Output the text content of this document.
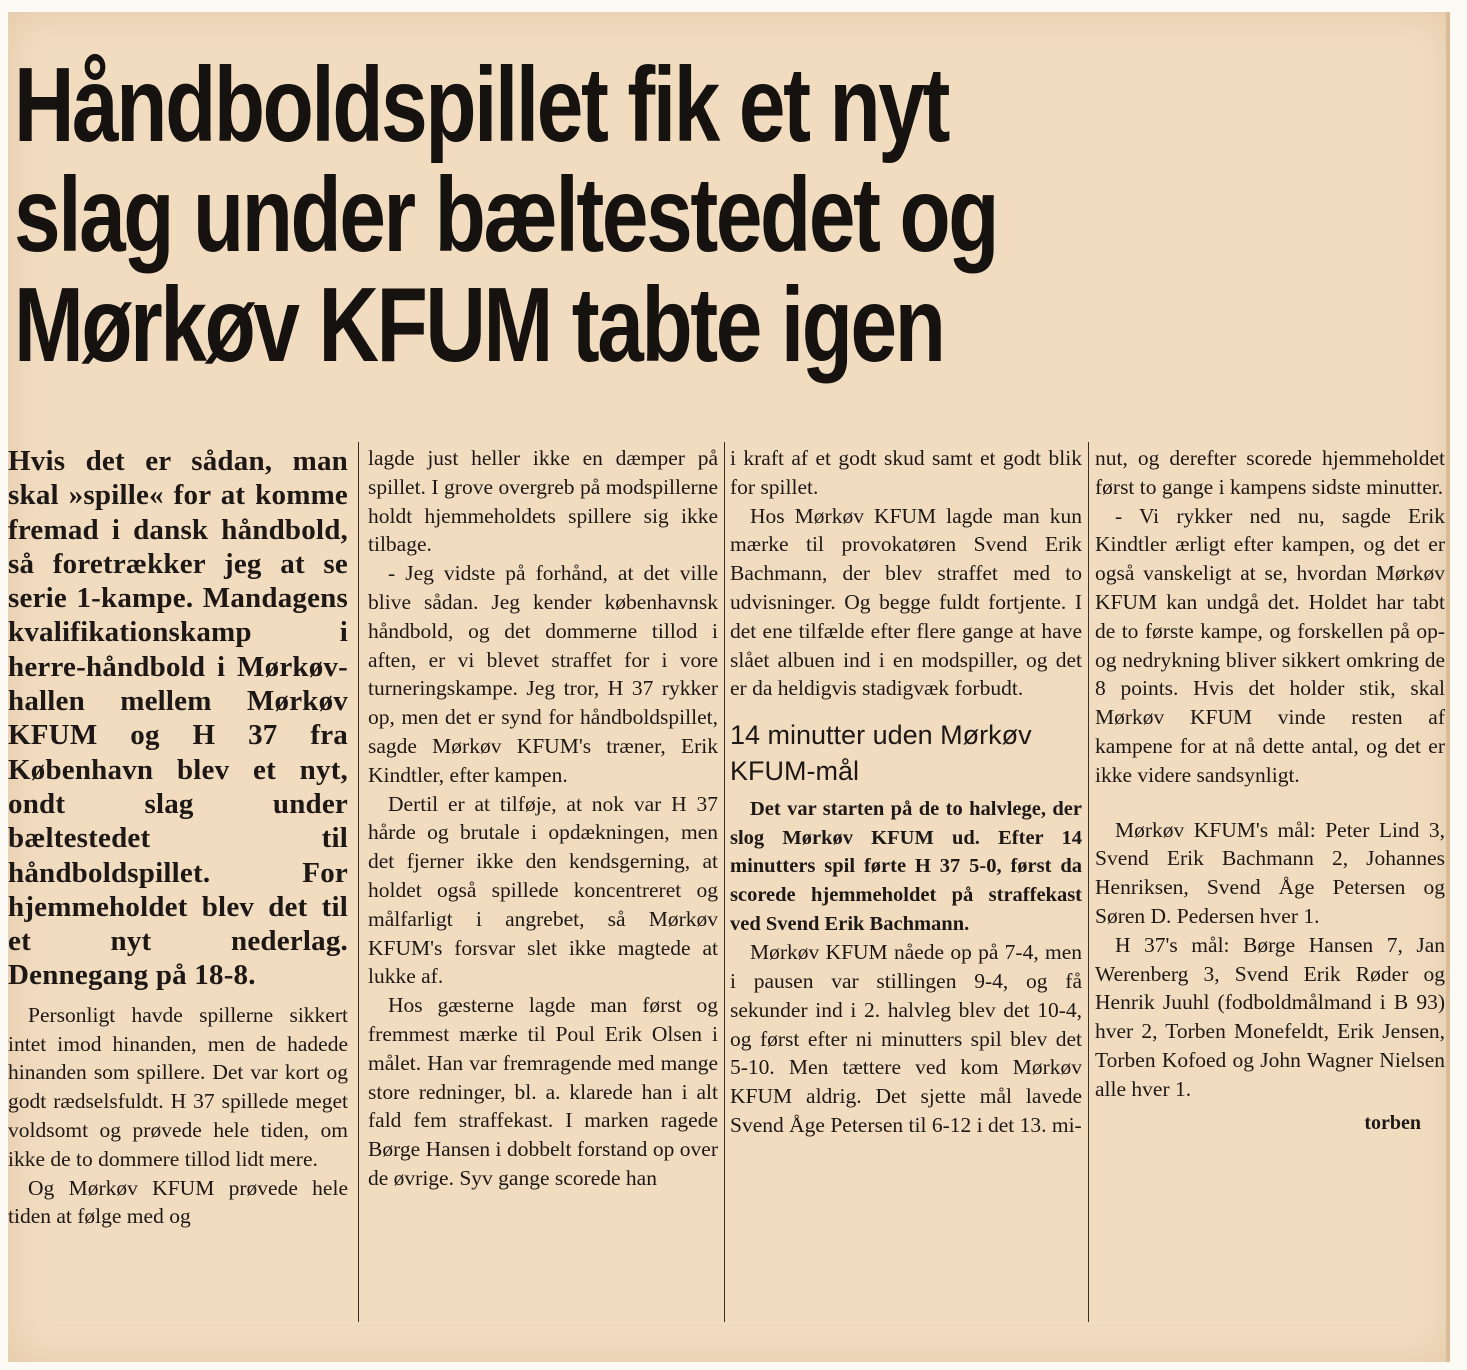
Håndboldspillet fik et nyt
slag under bæltestedet og
Mørkøv KFUM tabte igen

Hvis det er sådan, man skal »spille« for at komme fremad i dansk håndbold, så foretrækker jeg at se serie 1-kampe. Mandagens kvalifikationskamp i herre-håndbold i Mørkøv-hallen mellem Mørkøv KFUM og H 37 fra København blev et nyt, ondt slag under bæltestedet til håndboldspillet. For hjemmeholdet blev det til et nyt nederlag. Dennegang på 18-8.

Personligt havde spillerne sikkert intet imod hinanden, men de hadede hinanden som spillere. Det var kort og godt rædselsfuldt. H 37 spillede meget voldsomt og prøvede hele tiden, om ikke de to dommere tillod lidt mere.

Og Mørkøv KFUM prøvede hele tiden at følge med og

lagde just heller ikke en dæmper på spillet. I grove overgreb på modspillerne holdt hjemmeholdets spillere sig ikke tilbage.

- Jeg vidste på forhånd, at det ville blive sådan. Jeg kender københavnsk håndbold, og det dommerne tillod i aften, er vi blevet straffet for i vore turneringskampe. Jeg tror, H 37 rykker op, men det er synd for håndboldspillet, sagde Mørkøv KFUM's træner, Erik Kindtler, efter kampen.

Dertil er at tilføje, at nok var H 37 hårde og brutale i opdækningen, men det fjerner ikke den kendsgerning, at holdet også spillede koncentreret og målfarligt i angrebet, så Mørkøv KFUM's forsvar slet ikke magtede at lukke af.

Hos gæsterne lagde man først og fremmest mærke til Poul Erik Olsen i målet. Han var fremragende med mange store redninger, bl. a. klarede han i alt fald fem straffekast. I marken ragede Børge Hansen i dobbelt forstand op over de øvrige. Syv gange scorede han

i kraft af et godt skud samt et godt blik for spillet.

Hos Mørkøv KFUM lagde man kun mærke til provokatøren Svend Erik Bachmann, der blev straffet med to udvisninger. Og begge fuldt fortjente. I det ene tilfælde efter flere gange at have slået albuen ind i en modspiller, og det er da heldigvis stadigvæk forbudt.

14 minutter uden Mørkøv KFUM-mål

Det var starten på de to halvlege, der slog Mørkøv KFUM ud. Efter 14 minutters spil førte H 37 5-0, først da scorede hjemmeholdet på straffekast ved Svend Erik Bachmann.

Mørkøv KFUM nåede op på 7-4, men i pausen var stillingen 9-4, og få sekunder ind i 2. halvleg blev det 10-4, og først efter ni minutters spil blev det 5-10. Men tættere ved kom Mørkøv KFUM aldrig. Det sjette mål lavede Svend Åge Petersen til 6-12 i det 13. mi-

nut, og derefter scorede hjemmeholdet først to gange i kampens sidste minutter.

- Vi rykker ned nu, sagde Erik Kindtler ærligt efter kampen, og det er også vanskeligt at se, hvordan Mørkøv KFUM kan undgå det. Holdet har tabt de to første kampe, og forskellen på op- og nedrykning bliver sikkert omkring de 8 points. Hvis det holder stik, skal Mørkøv KFUM vinde resten af kampene for at nå dette antal, og det er ikke videre sandsynligt.

Mørkøv KFUM's mål: Peter Lind 3, Svend Erik Bachmann 2, Johannes Henriksen, Svend Åge Petersen og Søren D. Pedersen hver 1.

H 37's mål: Børge Hansen 7, Jan Werenberg 3, Svend Erik Røder og Henrik Juuhl (fodboldmålmand i B 93) hver 2, Torben Monefeldt, Erik Jensen, Torben Kofoed og John Wagner Nielsen alle hver 1.

torben
